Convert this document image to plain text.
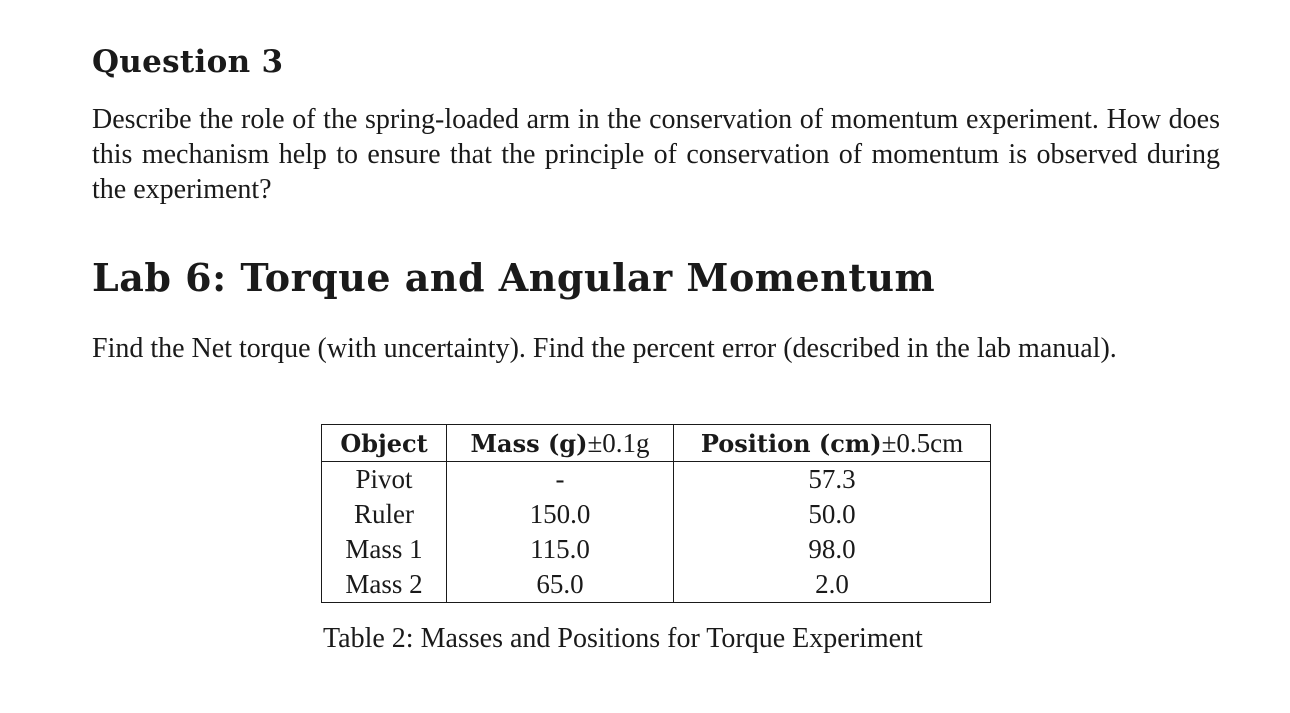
Question 3

Describe the role of the spring-loaded arm in the conservation of momentum experiment. How does this mechanism help to ensure that the principle of conservation of momentum is observed during the experiment?

Lab 6: Torque and Angular Momentum

Find the Net torque (with uncertainty). Find the percent error (described in the lab manual).

Object	Mass (g)±0.1g	Position (cm)±0.5cm
Pivot	-	57.3
Ruler	150.0	50.0
Mass 1	115.0	98.0
Mass 2	65.0	2.0

Table 2: Masses and Positions for Torque Experiment
